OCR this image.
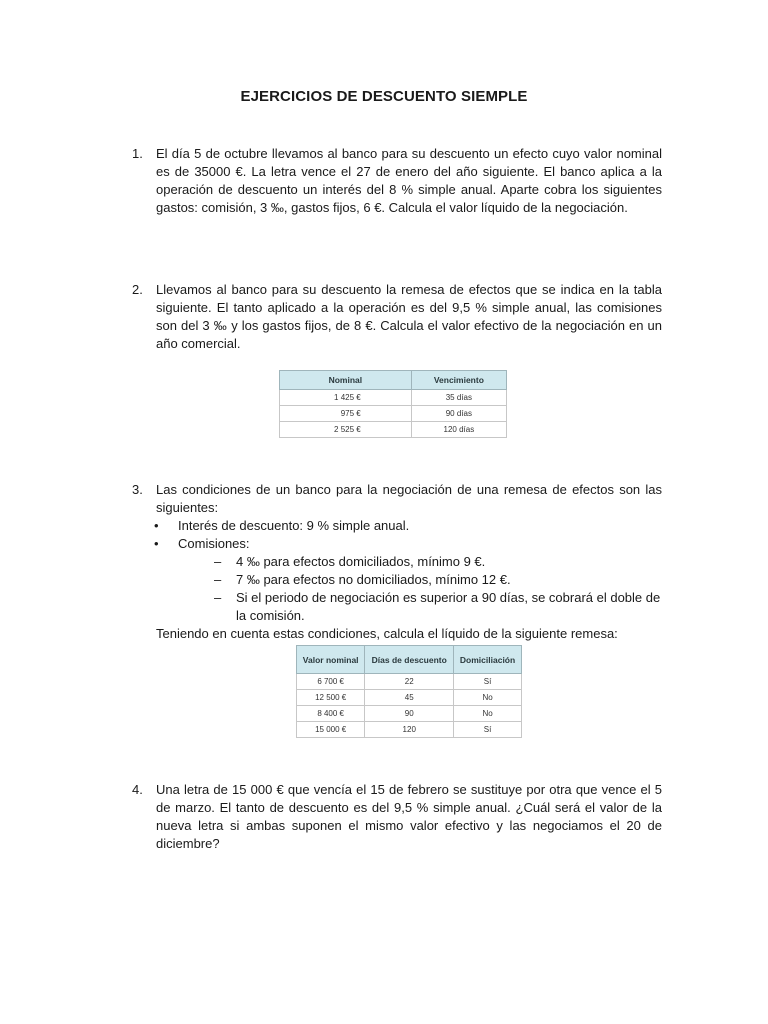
EJERCICIOS DE DESCUENTO SIEMPLE
1. El día 5 de octubre llevamos al banco para su descuento un efecto cuyo valor nominal es de 35000 €. La letra vence el 27 de enero del año siguiente. El banco aplica a la operación de descuento un interés del 8 % simple anual. Aparte cobra los siguientes gastos: comisión, 3 ‰, gastos fijos, 6 €. Calcula el valor líquido de la negociación.
2. Llevamos al banco para su descuento la remesa de efectos que se indica en la tabla siguiente. El tanto aplicado a la operación es del 9,5 % simple anual, las comisiones son del 3 ‰ y los gastos fijos, de 8 €. Calcula el valor efectivo de la negociación en un año comercial.
Nominal	Vencimiento
1 425 €	35 días
975 €	90 días
2 525 €	120 días
3. Las condiciones de un banco para la negociación de una remesa de efectos son las siguientes:
• Interés de descuento: 9 % simple anual.
• Comisiones:
– 4 ‰ para efectos domiciliados, mínimo 9 €.
– 7 ‰ para efectos no domiciliados, mínimo 12 €.
– Si el periodo de negociación es superior a 90 días, se cobrará el doble de la comisión.
Teniendo en cuenta estas condiciones, calcula el líquido de la siguiente remesa:
Valor nominal	Días de descuento	Domiciliación
6 700 €	22	Sí
12 500 €	45	No
8 400 €	90	No
15 000 €	120	Sí
4. Una letra de 15 000 € que vencía el 15 de febrero se sustituye por otra que vence el 5 de marzo. El tanto de descuento es del 9,5 % simple anual. ¿Cuál será el valor de la nueva letra si ambas suponen el mismo valor efectivo y las negociamos el 20 de diciembre?
